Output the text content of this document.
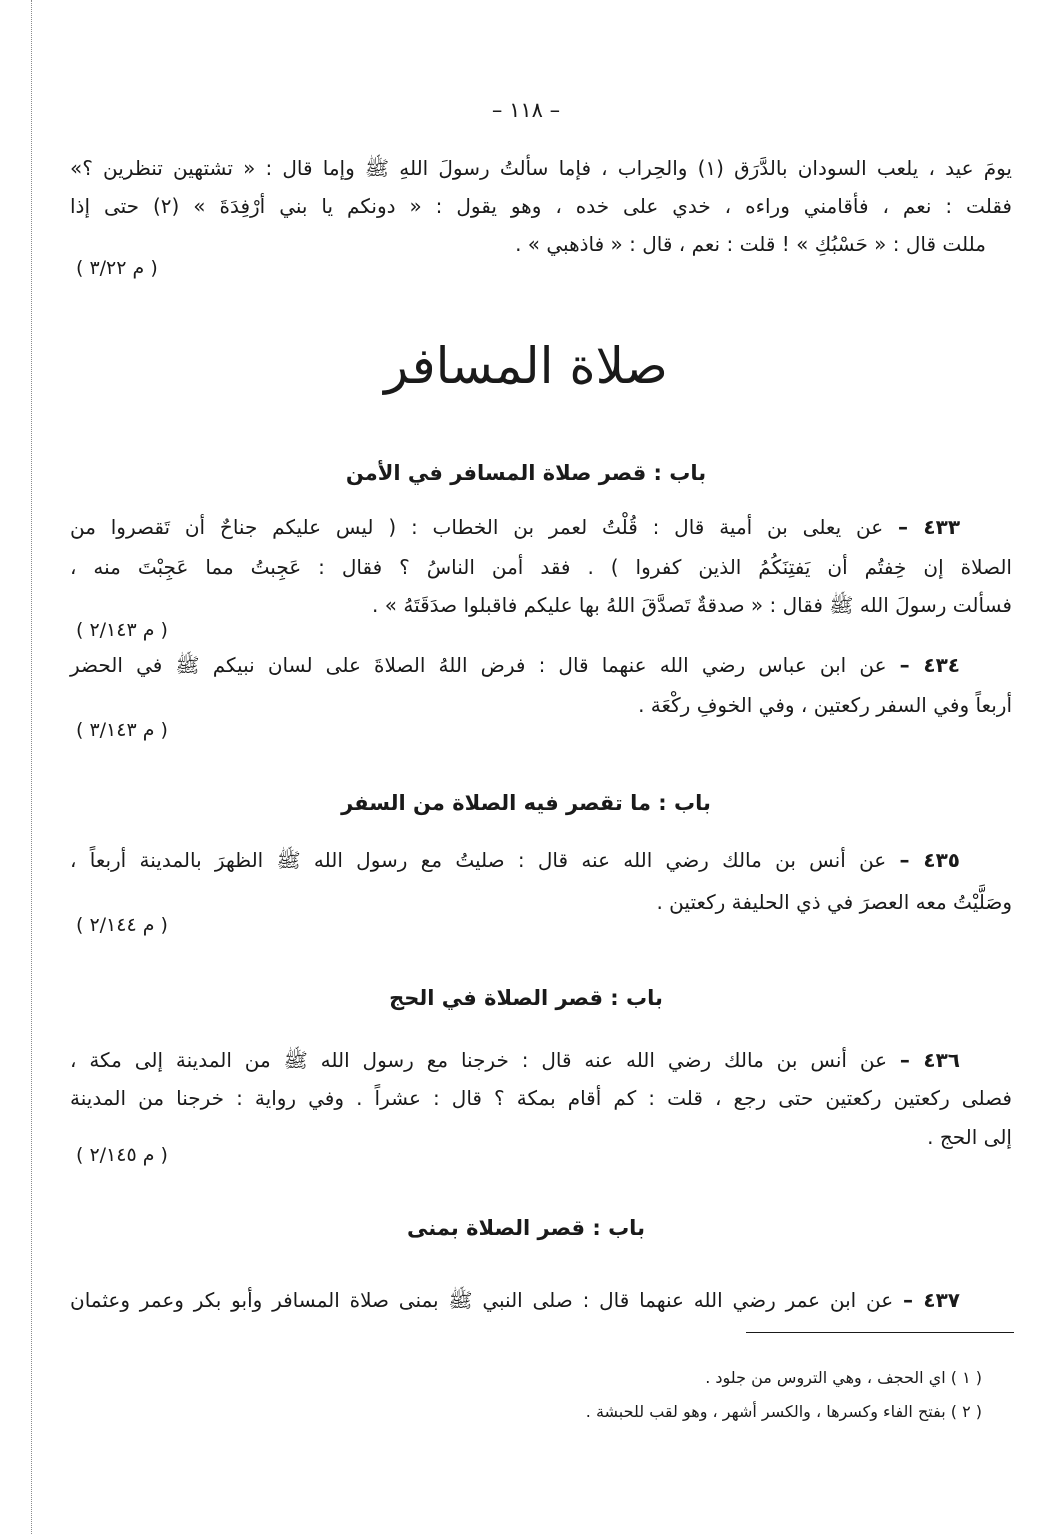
– ١١٨ –
يومَ عيد ، يلعب السودان بالدَّرَق (١) والحِراب ، فإما سألتُ رسولَ اللهِ ﷺ وإما قال : « تشتهين تنظرين ؟»
فقلت : نعم ، فأقامني وراءه ، خدي على خده ، وهو يقول : « دونكم يا بني أرْفِدَةَ » (٢) حتى إذا
مللت قال : « حَسْبُكِ » ! قلت : نعم ، قال : « فاذهبي » .
( م ٣/٢٢ )
صلاة المسافر
باب : قصر صلاة المسافر في الأمن
٤٣٣ – عن يعلى بن أمية قال : قُلْتُ لعمر بن الخطاب : ( ليس عليكم جناحٌ أن تَقصروا من
الصلاة إن خِفتُم أن يَفتِنَكُمُ الذين كفروا ) . فقد أمن الناسُ ؟ فقال : عَجِبتُ مما عَجِبْتَ منه ،
فسألت رسولَ الله ﷺ فقال : « صدقةٌ تَصدَّقَ اللهُ بها عليكم فاقبلوا صدَقَتَهُ » .
( م ٢/١٤٣ )
٤٣٤ – عن ابن عباس رضي الله عنهما قال : فرض اللهُ الصلاةَ على لسان نبيكم ﷺ في الحضر
أربعاً وفي السفر ركعتين ، وفي الخوفِ ركْعَة .
( م ٣/١٤٣ )
باب : ما تقصر فيه الصلاة من السفر
٤٣٥ – عن أنس بن مالك رضي الله عنه قال : صليتُ مع رسول الله ﷺ الظهرَ بالمدينة أربعاً ،
وصَلَّيْتُ معه العصرَ في ذي الحليفة ركعتين .
( م ٢/١٤٤ )
باب : قصر الصلاة في الحج
٤٣٦ – عن أنس بن مالك رضي الله عنه قال : خرجنا مع رسول الله ﷺ من المدينة إلى مكة ،
فصلى ركعتين ركعتين حتى رجع ، قلت : كم أقام بمكة ؟ قال : عشراً . وفي رواية : خرجنا من المدينة
إلى الحج .
( م ٢/١٤٥ )
باب : قصر الصلاة بمنى
٤٣٧ – عن ابن عمر رضي الله عنهما قال : صلى النبي ﷺ بمنى صلاة المسافر وأبو بكر وعمر وعثمان
( ١ ) اي الحجف ، وهي التروس من جلود .
( ٢ ) بفتح الفاء وكسرها ، والكسر أشهر ، وهو لقب للحبشة .
